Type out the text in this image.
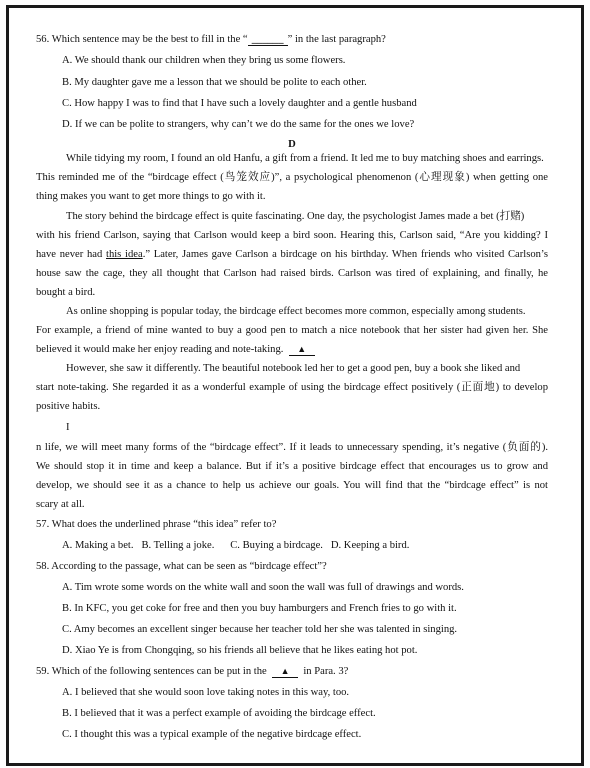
56. Which sentence may be the best to fill in the “ ______ ” in the last paragraph?
A. We should thank our children when they bring us some flowers.
B. My daughter gave me a lesson that we should be polite to each other.
C. How happy I was to find that I have such a lovely daughter and a gentle husband
D. If we can be polite to strangers, why can’t we do the same for the ones we love?
D
While tidying my room, I found an old Hanfu, a gift from a friend. It led me to buy matching shoes and earrings.
This reminded me of the “birdcage effect (鸟笼效应)”, a psychological phenomenon (心理现象) when getting one
thing makes you want to get more things to go with it.
The story behind the birdcage effect is quite fascinating. One day, the psychologist James made a bet (打赌)
with his friend Carlson, saying that Carlson would keep a bird soon. Hearing this, Carlson said, “Are you kidding? I
have never had this idea.” Later, James gave Carlson a birdcage on his birthday. When friends who visited Carlson’s
house saw the cage, they all thought that Carlson had raised birds. Carlson was tired of explaining, and finally, he
bought a bird.
As online shopping is popular today, the birdcage effect becomes more common, especially among students.
For example, a friend of mine wanted to buy a good pen to match a nice notebook that her sister had given her. She
believed it would make her enjoy reading and note-taking. ▲
However, she saw it differently. The beautiful notebook led her to get a good pen, buy a book she liked and
start note-taking. She regarded it as a wonderful example of using the birdcage effect positively (正面地) to develop
positive habits.
I
n life, we will meet many forms of the “birdcage effect”. If it leads to unnecessary spending, it’s negative (负面的).
We should stop it in time and keep a balance. But if it’s a positive birdcage effect that encourages us to grow and
develop, we should see it as a chance to help us achieve our goals. You will find that the “birdcage effect” is not
scary at all.
57. What does the underlined phrase “this idea” refer to?
A. Making a bet.   B. Telling a joke.      C. Buying a birdcage.   D. Keeping a bird.
58. According to the passage, what can be seen as “birdcage effect”?
A. Tim wrote some words on the white wall and soon the wall was full of drawings and words.
B. In KFC, you get coke for free and then you buy hamburgers and French fries to go with it.
C. Amy becomes an excellent singer because her teacher told her she was talented in singing.
D. Xiao Ye is from Chongqing, so his friends all believe that he likes eating hot pot.
59. Which of the following sentences can be put in the ▲ in Para. 3?
A. I believed that she would soon love taking notes in this way, too.
B. I believed that it was a perfect example of avoiding the birdcage effect.
C. I thought this was a typical example of the negative birdcage effect.
